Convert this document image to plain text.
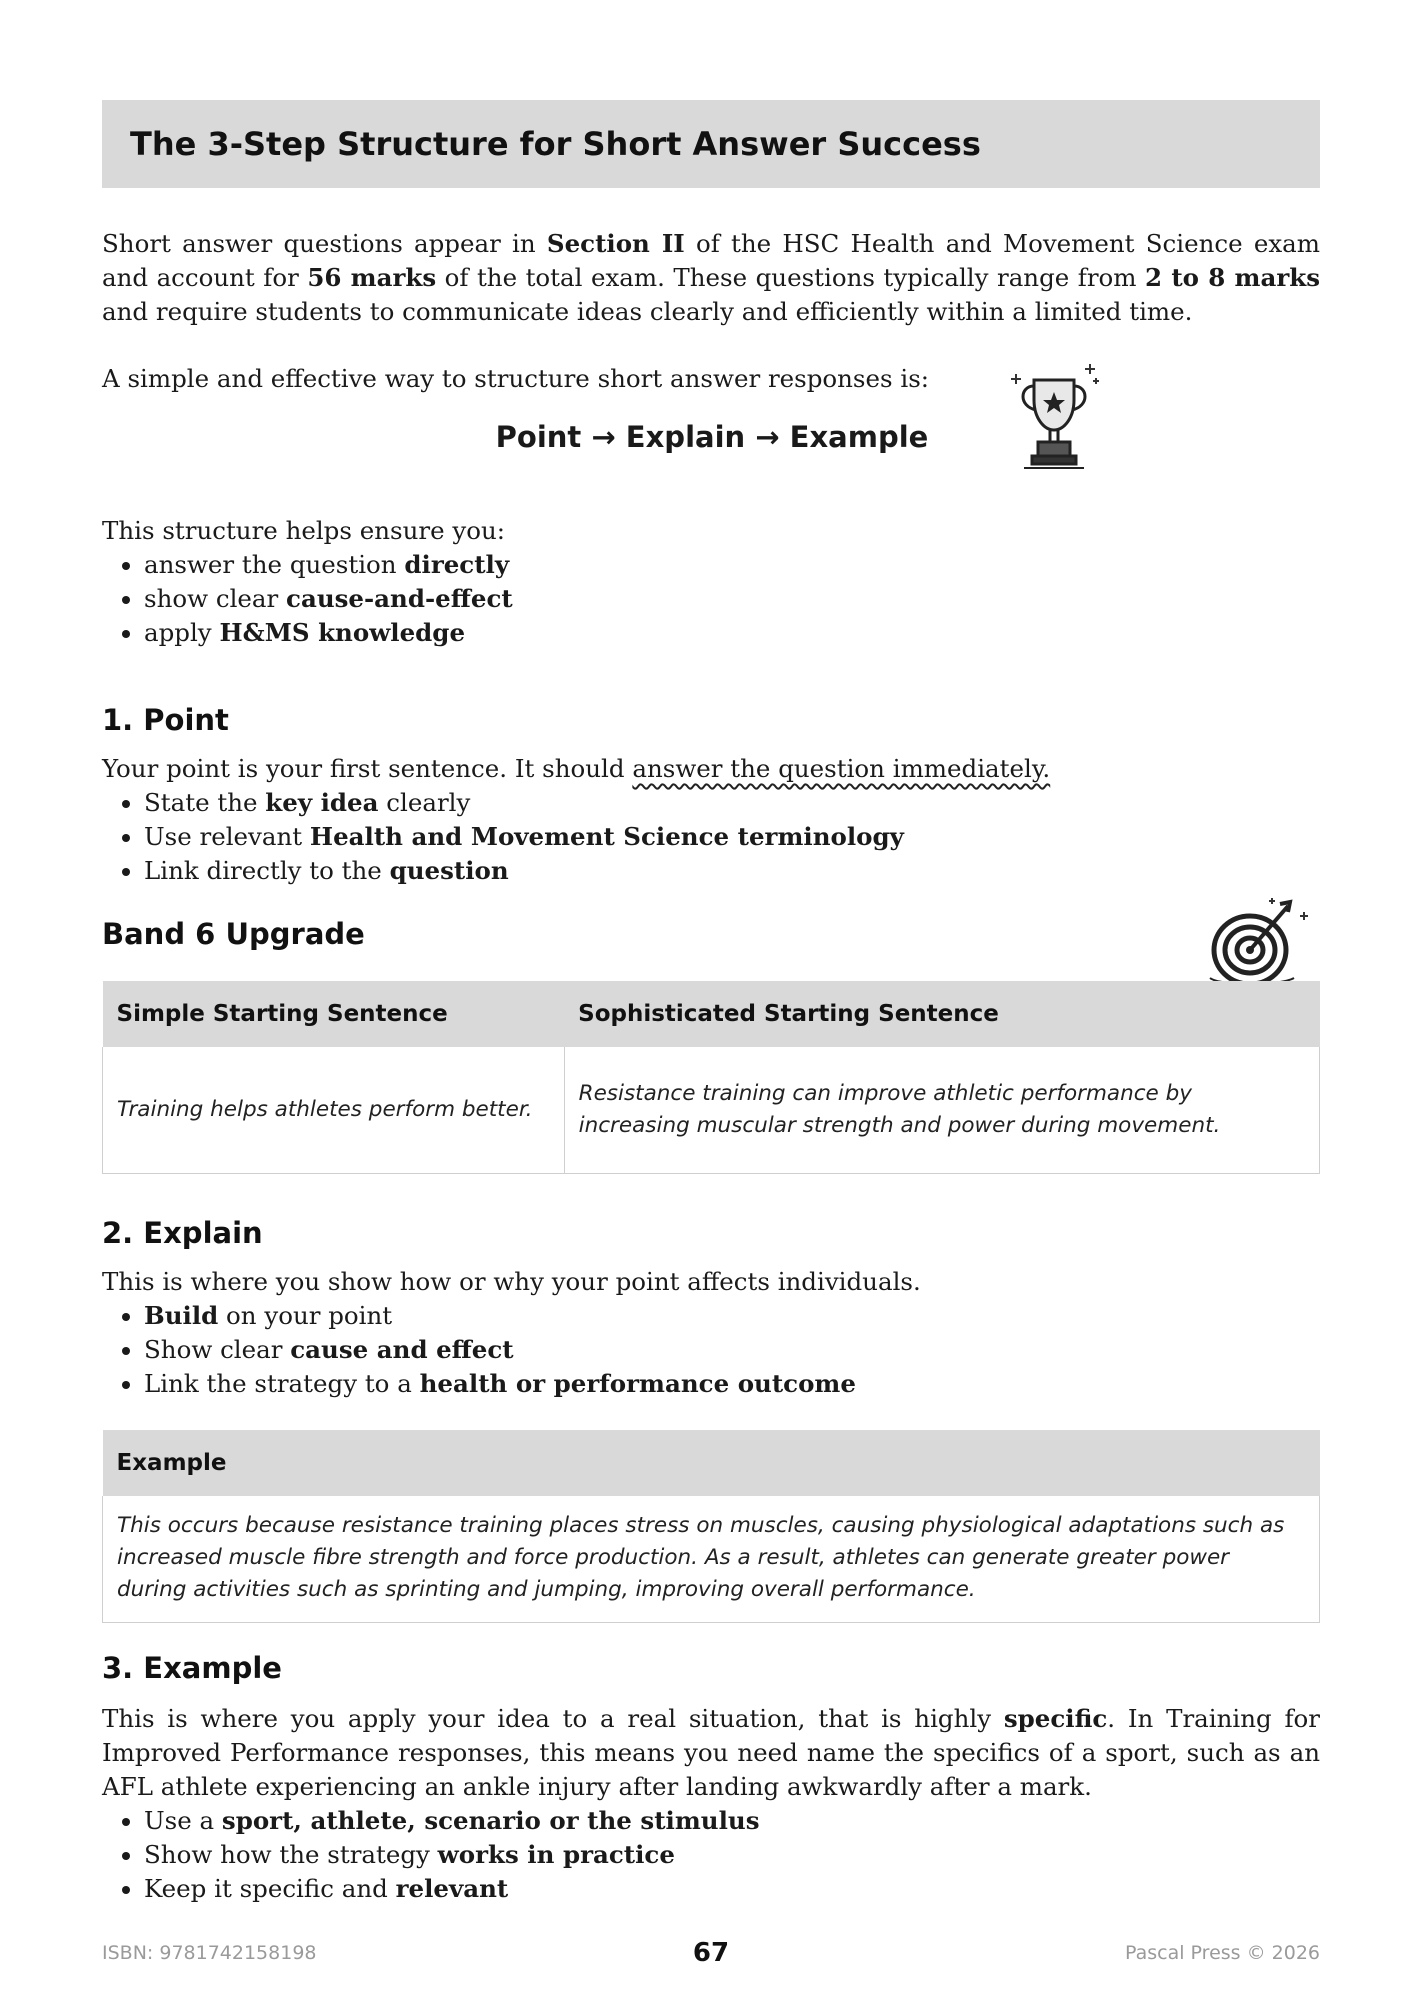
The 3-Step Structure for Short Answer Success

Short answer questions appear in Section II of the HSC Health and Movement Science exam and account for 56 marks of the total exam. These questions typically range from 2 to 8 marks and require students to communicate ideas clearly and efficiently within a limited time.

A simple and effective way to structure short answer responses is:

Point → Explain → Example

This structure helps ensure you:

• answer the question directly
• show clear cause-and-effect
• apply H&MS knowledge
1. Point

Your point is your first sentence. It should answer the question immediately.

• State the key idea clearly
• Use relevant Health and Movement Science terminology
• Link directly to the question
Band 6 Upgrade
Simple Starting Sentence	Sophisticated Starting Sentence
Training helps athletes perform better.	Resistance training can improve athletic performance by increasing muscular strength and power during movement.
2. Explain

This is where you show how or why your point affects individuals.

• Build on your point
• Show clear cause and effect
• Link the strategy to a health or performance outcome
Example
This occurs because resistance training places stress on muscles, causing physiological adaptations such as increased muscle fibre strength and force production. As a result, athletes can generate greater power during activities such as sprinting and jumping, improving overall performance.
3. Example

This is where you apply your idea to a real situation, that is highly specific. In Training for Improved Performance responses, this means you need name the specifics of a sport, such as an AFL athlete experiencing an ankle injury after landing awkwardly after a mark.

• Use a sport, athlete, scenario or the stimulus
• Show how the strategy works in practice
• Keep it specific and relevant
ISBN: 9781742158198	67	Pascal Press © 2026
